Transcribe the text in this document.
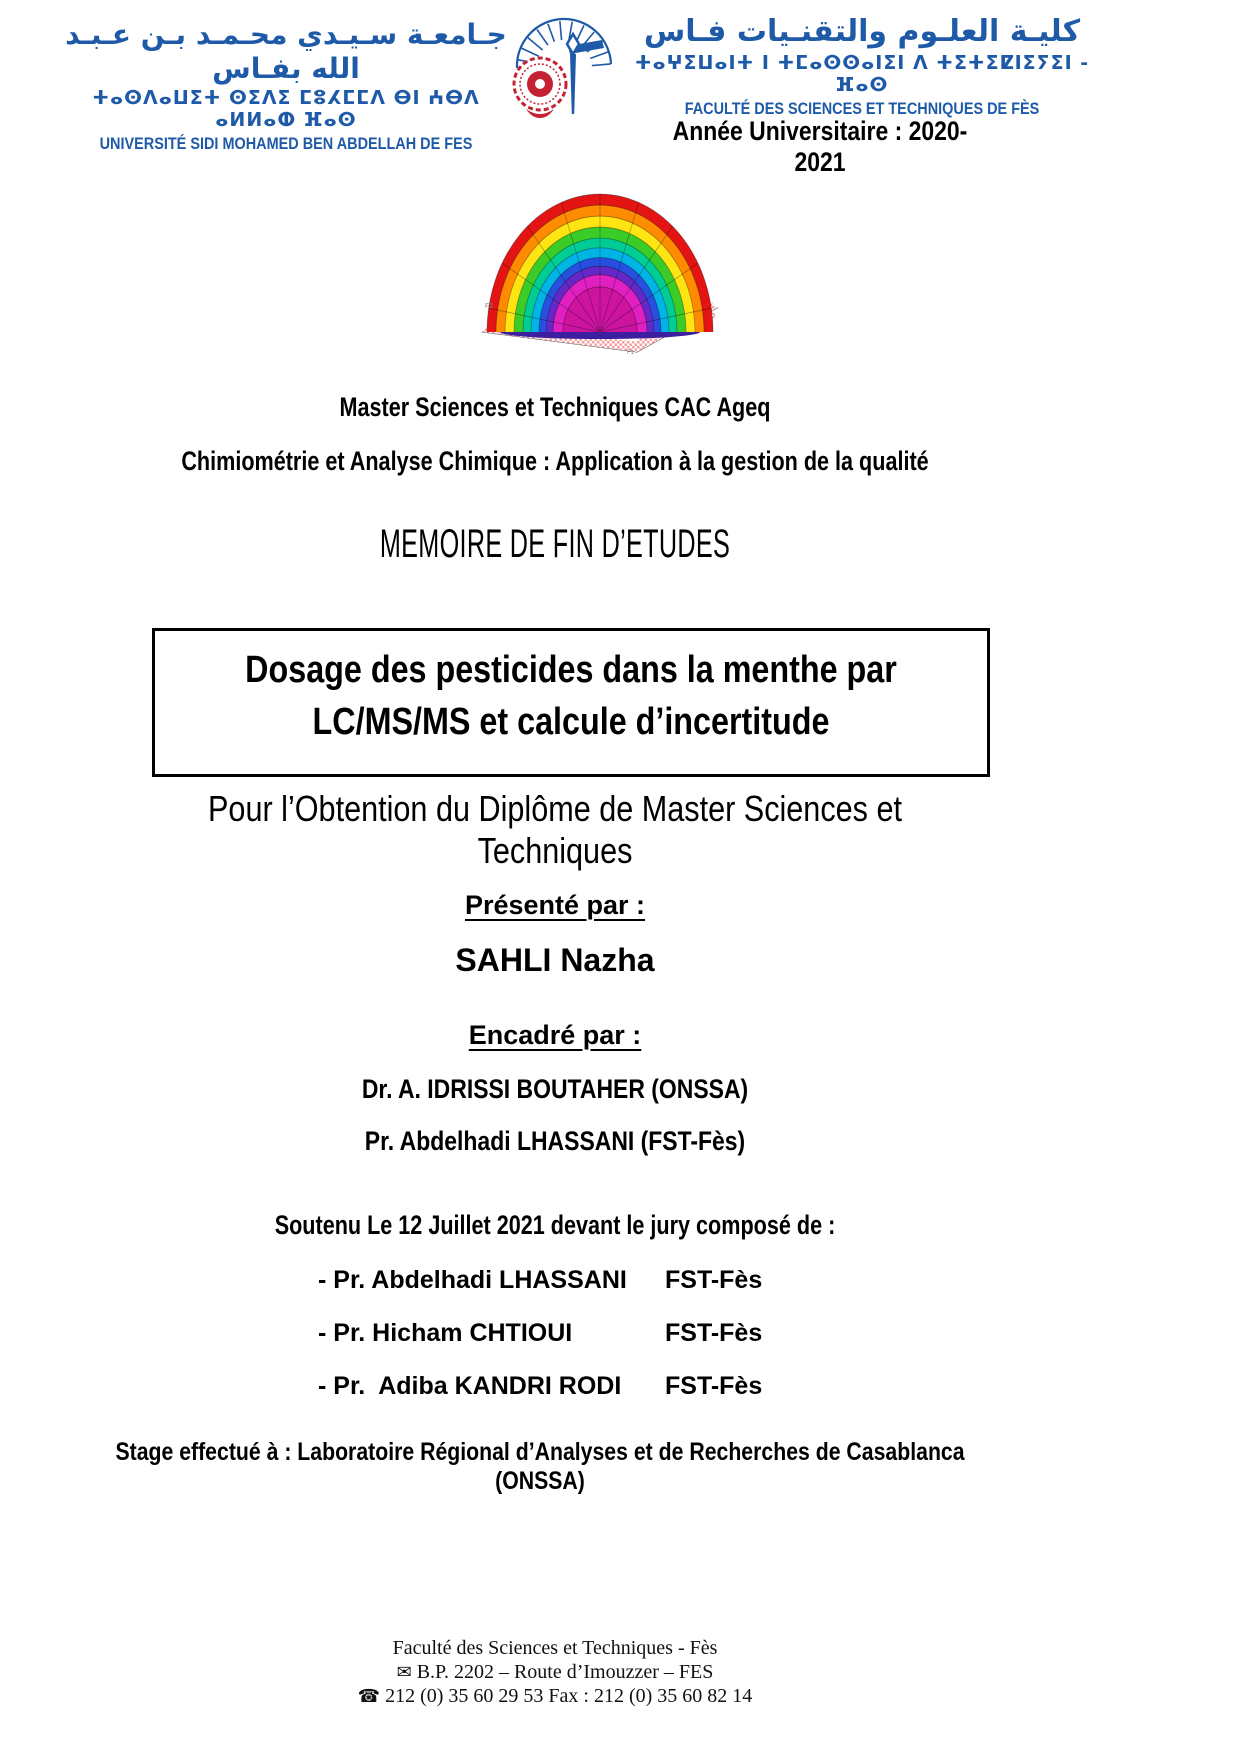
جـامعـة سـيـدي محـمـد بـن عـبـد الله بفـاس
ⵜⴰⵙⴷⴰⵡⵉⵜ ⵙⵉⴷⵉ ⵎⵓⵃⵎⵎⴷ ⴱⵏ ⵄⴱⴷ ⴰⵍⵍⴰⵀ ⴼⴰⵙ
UNIVERSITÉ SIDI MOHAMED BEN ABDELLAH DE FES
كليـة العلـوم والتقنـيات فـاس
ⵜⴰⵖⵉⵡⴰⵏⵜ ⵏ ⵜⵎⴰⵙⵙⴰⵏⵉⵏ ⴷ ⵜⵉⵜⵉⵇⵏⵉⵢⵉⵏ - ⴼⴰⵙ
FACULTÉ DES SCIENCES ET TECHNIQUES DE FÈS
Année Universitaire : 2020-2021
F2
70
F1
Master Sciences et Techniques CAC Ageq
Chimiométrie et Analyse Chimique : Application à la gestion de la qualité
MEMOIRE DE FIN D’ETUDES
Dosage des pesticides dans la menthe par
LC/MS/MS et calcule d’incertitude
Pour l’Obtention du Diplôme de Master Sciences et Techniques
Présenté par :
SAHLI Nazha
Encadré par :
Dr. A. IDRISSI BOUTAHER (ONSSA)
Pr. Abdelhadi LHASSANI (FST-Fès)
Soutenu Le 12 Juillet 2021 devant le jury composé de :
- Pr. Abdelhadi LHASSANI FST-Fès
- Pr. Hicham CHTIOUI	FST-Fès
- Pr.  Adiba KANDRI RODI FST-Fès
Stage effectué à : Laboratoire Régional d’Analyses et de Recherches de Casablanca (ONSSA)
Faculté des Sciences et Techniques - Fès
✉ B.P. 2202 – Route d’Imouzzer – FES
☎ 212 (0) 35 60 29 53 Fax : 212 (0) 35 60 82 14
